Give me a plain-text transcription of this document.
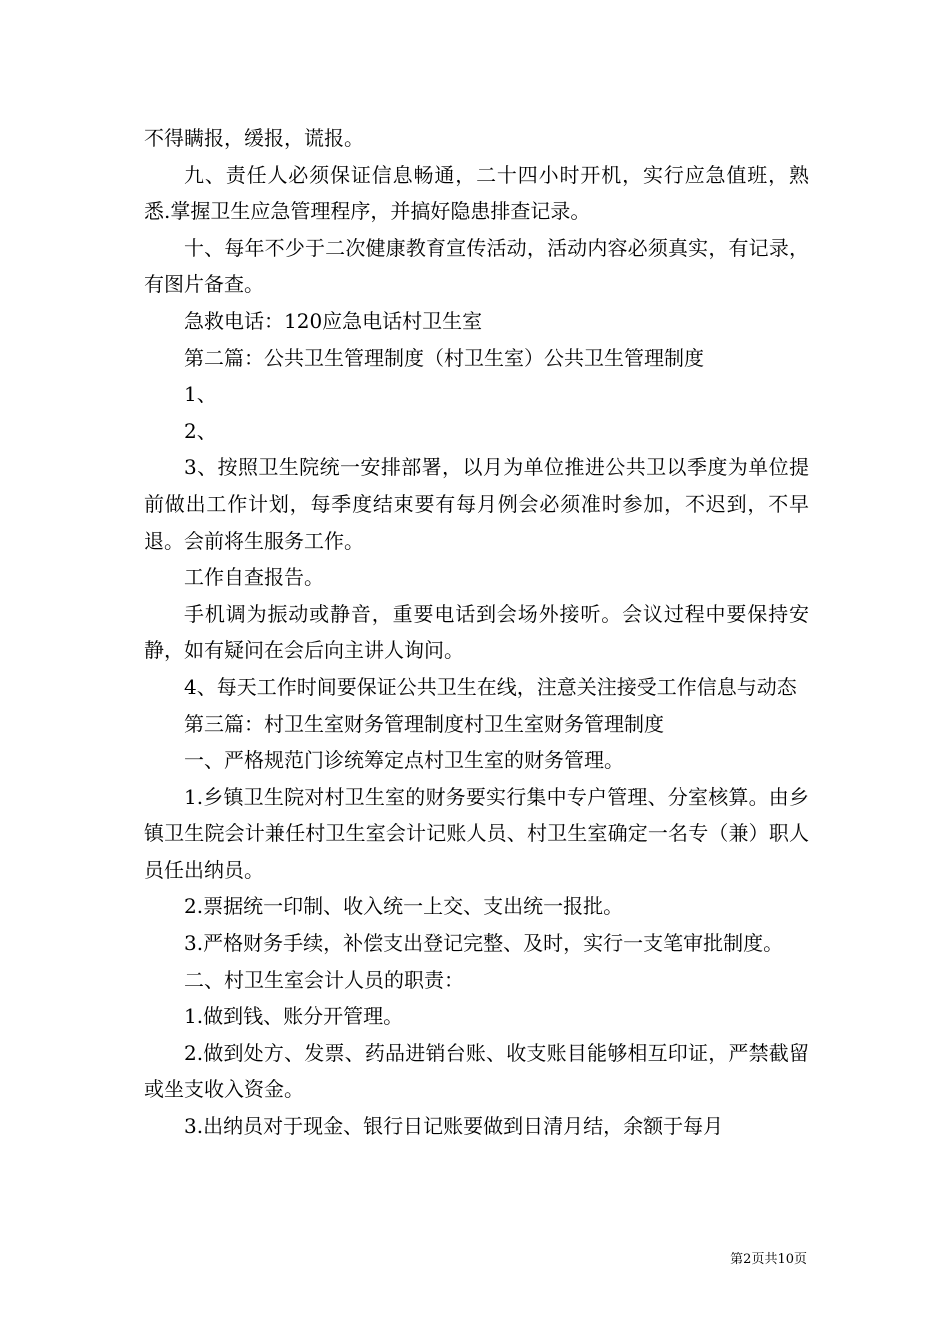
不得瞒报，缓报，谎报。

九、责任人必须保证信息畅通，二十四小时开机，实行应急值班，熟悉.掌握卫生应急管理程序，并搞好隐患排查记录。

十、每年不少于二次健康教育宣传活动，活动内容必须真实，有记录，有图片备查。

急救电话：120应急电话村卫生室

第二篇：公共卫生管理制度（村卫生室）公共卫生管理制度

1、

2、

3、按照卫生院统一安排部署，以月为单位推进公共卫以季度为单位提前做出工作计划，每季度结束要有每月例会必须准时参加，不迟到，不早退。会前将生服务工作。

工作自查报告。

手机调为振动或静音，重要电话到会场外接听。会议过程中要保持安静，如有疑问在会后向主讲人询问。

4、每天工作时间要保证公共卫生在线，注意关注接受工作信息与动态

第三篇：村卫生室财务管理制度村卫生室财务管理制度

一、严格规范门诊统筹定点村卫生室的财务管理。

1.乡镇卫生院对村卫生室的财务要实行集中专户管理、分室核算。由乡镇卫生院会计兼任村卫生室会计记账人员、村卫生室确定一名专（兼）职人员任出纳员。

2.票据统一印制、收入统一上交、支出统一报批。

3.严格财务手续，补偿支出登记完整、及时，实行一支笔审批制度。

二、村卫生室会计人员的职责：

1.做到钱、账分开管理。

2.做到处方、发票、药品进销台账、收支账目能够相互印证，严禁截留或坐支收入资金。

3.出纳员对于现金、银行日记账要做到日清月结，余额于每月

第2页共10页
